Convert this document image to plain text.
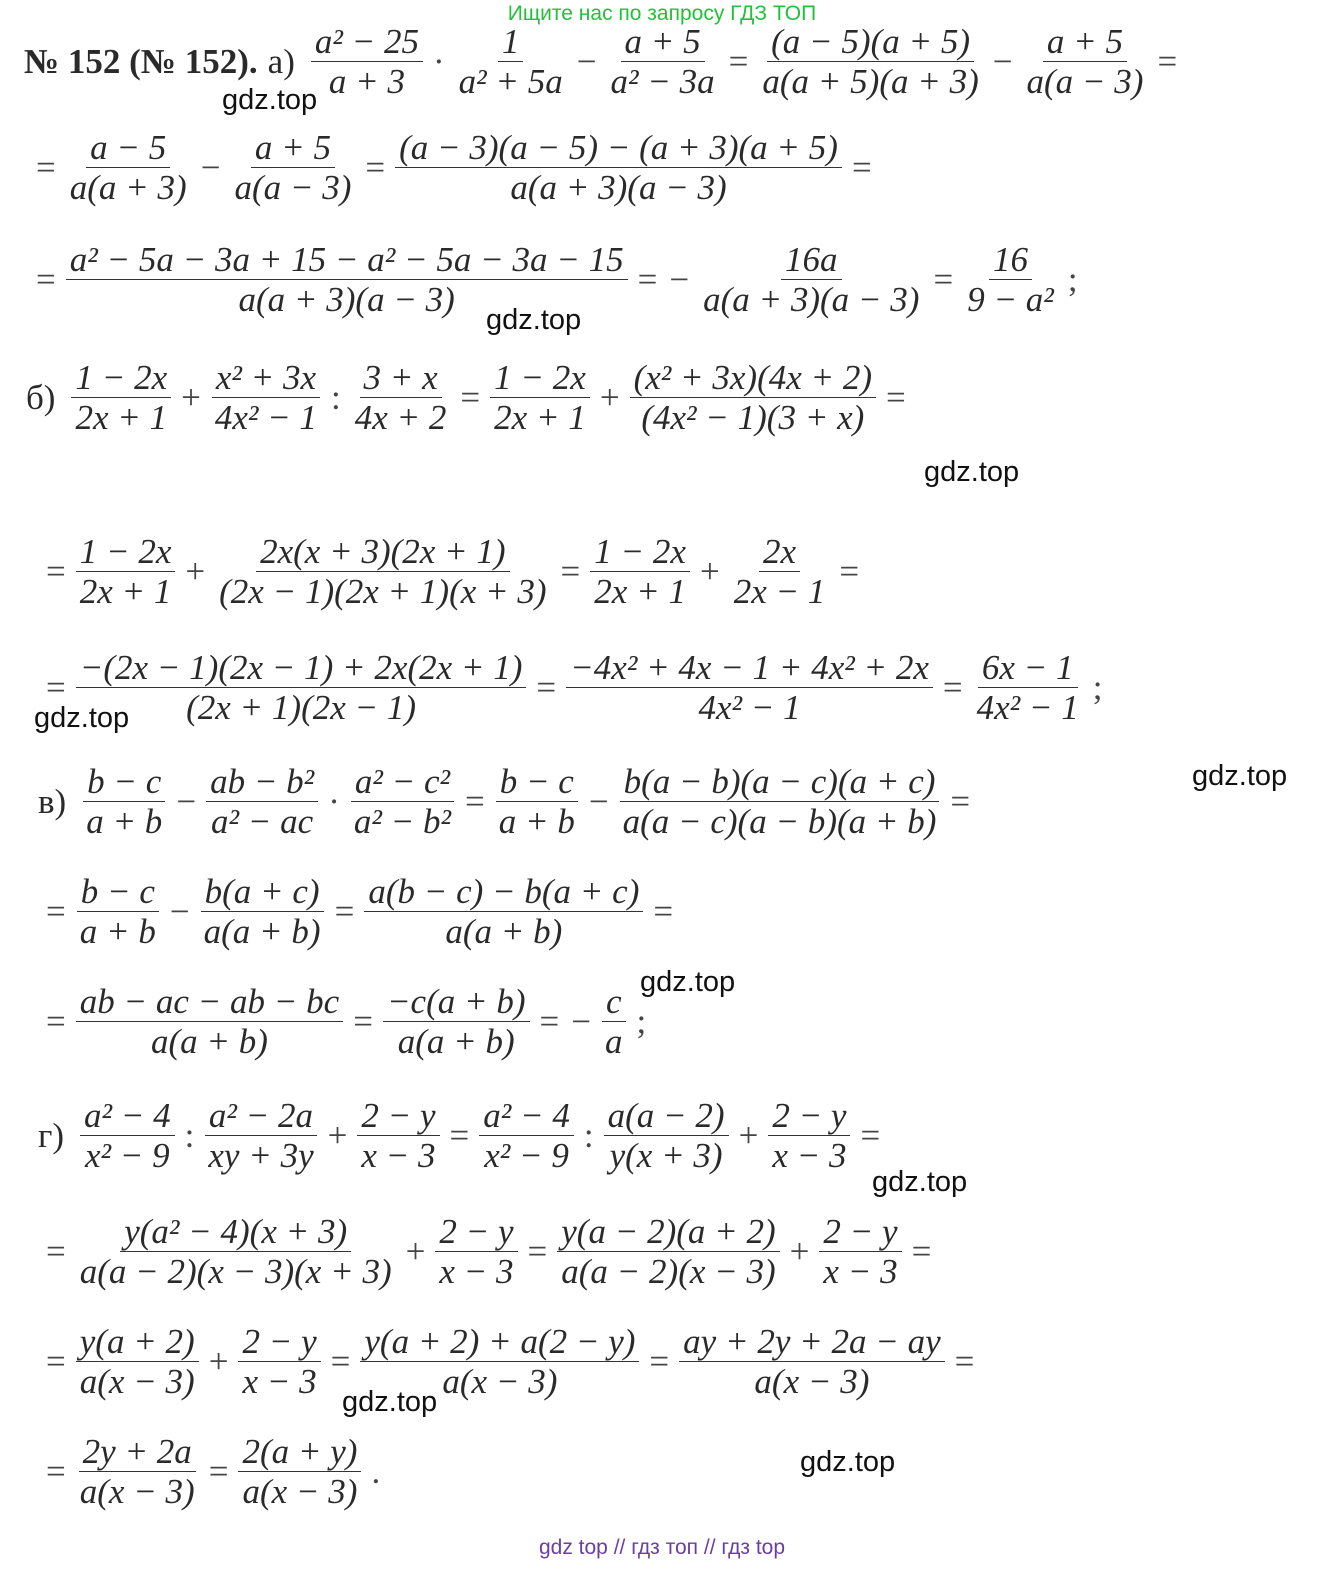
Ищите нас по запросу ГДЗ ТОП
№ 152 (№ 152). $а) \frac{\text{a² − 25}}{a + 3} \cdot \frac{1}{\text{a² + 5a}} - \frac{a + 5}{\text{a² − 3a}} = \frac{(a - 5)(a + 5)}{a(a + 5)(a + 3)} - \frac{a + 5}{a(a - 3)}$ =
= $\frac{a - 5}{a(a + 3)} - \frac{a + 5}{a(a - 3)} = \frac{(a - 3)(a - 5) - (a + 3)(a + 5)}{a(a + 3)(a - 3)}$ =
= $\frac{\text{a² − 5a − 3a + 15 − a² − 5a − 3a − 15}}{a(a + 3)(a - 3)}$ = − $\frac{16a}{a(a + 3)(a - 3)} = \frac{16}{\text{9 − a²}}$ ;
$б) \frac{1 - 2x}{2x + 1} + \frac{\text{x² + 3x}}{\text{4x² − 1}}$ : $\frac{3 + x}{4x + 2} = \frac{1 - 2x}{2x + 1} + \frac{\text{(x² + 3x)(4x + 2)}}{\text{(4x² − 1)(3 + x)}}$ =
= $\frac{1 - 2x}{2x + 1} + \frac{2x(x + 3)(2x + 1)}{(2x - 1)(2x + 1)(x + 3)} = \frac{1 - 2x}{2x + 1} + \frac{2x}{2x - 1}$ =
= $\frac{-(2x - 1)(2x - 1) + 2x(2x + 1)}{(2x + 1)(2x - 1)} = \frac{\text{−4x² + 4x − 1 + 4x² + 2x}}{\text{4x² − 1}} = \frac{6x - 1}{\text{4x² − 1}}$ ;
$в) \frac{b - c}{a + b} - \frac{\text{ab − b²}}{\text{a² − ac}} \cdot \frac{\text{a² − c²}}{\text{a² − b²}} = \frac{b - c}{a + b} - \frac{b(a - b)(a - c)(a + c)}{a(a - c)(a - b)(a + b)}$ =
= $\frac{b - c}{a + b} - \frac{b(a + c)}{a(a + b)} = \frac{a(b - c) - b(a + c)}{a(a + b)}$ =
= $\frac{ab - ac - ab - bc}{a(a + b)} = \frac{-c(a + b)}{a(a + b)}$ = − $\frac{c}{a}$ ;
$г) \frac{\text{a² − 4}}{\text{x² − 9}}$ : $\frac{\text{a² − 2a}}{xy + 3y} + \frac{2 - y}{x - 3} = \frac{\text{a² − 4}}{\text{x² − 9}}$ : $\frac{a(a - 2)}{y(x + 3)} + \frac{2 - y}{x - 3}$ =
= $\frac{\text{y(a² − 4)(x + 3)}}{a(a - 2)(x - 3)(x + 3)} + \frac{2 - y}{x - 3} = \frac{y(a - 2)(a + 2)}{a(a - 2)(x - 3)} + \frac{2 - y}{x - 3}$ =
= $\frac{y(a + 2)}{a(x - 3)} + \frac{2 - y}{x - 3} = \frac{y(a + 2) + a(2 - y)}{a(x - 3)} = \frac{ay + 2y + 2a - ay}{a(x - 3)}$ =
= $\frac{2y + 2a}{a(x - 3)} = \frac{2(a + y)}{a(x - 3)}$ .
gdz.top
gdz.top
gdz.top
gdz.top
gdz.top
gdz.top
gdz.top
gdz.top
gdz.top
gdz top // гдз топ // гдз top
